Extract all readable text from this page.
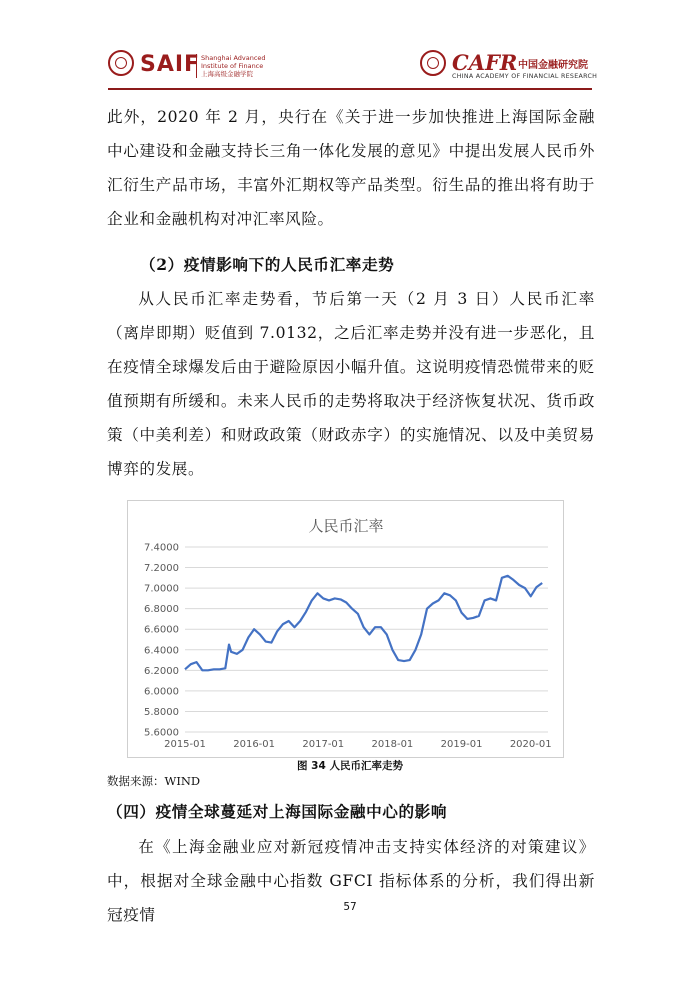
SAIF Shanghai Advanced
Institute of Finance
上海高级金融学院	CAFR 中国金融研究院
CHINA ACADEMY OF FINANCIAL RESEARCH

此外，2020 年 2 月，央行在《关于进一步加快推进上海国际金融中心建设和金融支持长三角一体化发展的意见》中提出发展人民币外汇衍生产品市场，丰富外汇期权等产品类型。衍生品的推出将有助于企业和金融机构对冲汇率风险。

（2）疫情影响下的人民币汇率走势

从人民币汇率走势看，节后第一天（2 月 3 日）人民币汇率（离岸即期）贬值到 7.0132，之后汇率走势并没有进一步恶化，且在疫情全球爆发后由于避险原因小幅升值。这说明疫情恐慌带来的贬值预期有所缓和。未来人民币的走势将取决于经济恢复状况、货币政策（中美利差）和财政政策（财政赤字）的实施情况、以及中美贸易博弈的发展。

人民币汇率
5.6000
5.8000
6.0000
6.2000
6.4000
6.6000
6.8000
7.0000
7.2000
7.4000
2015-01	2016-01	2017-01	2018-01	2019-01	2020-01
图 34 人民币汇率走势
数据来源：WIND

（四）疫情全球蔓延对上海国际金融中心的影响

在《上海金融业应对新冠疫情冲击支持实体经济的对策建议》中，根据对全球金融中心指数 GFCI 指标体系的分析，我们得出新冠疫情	57
